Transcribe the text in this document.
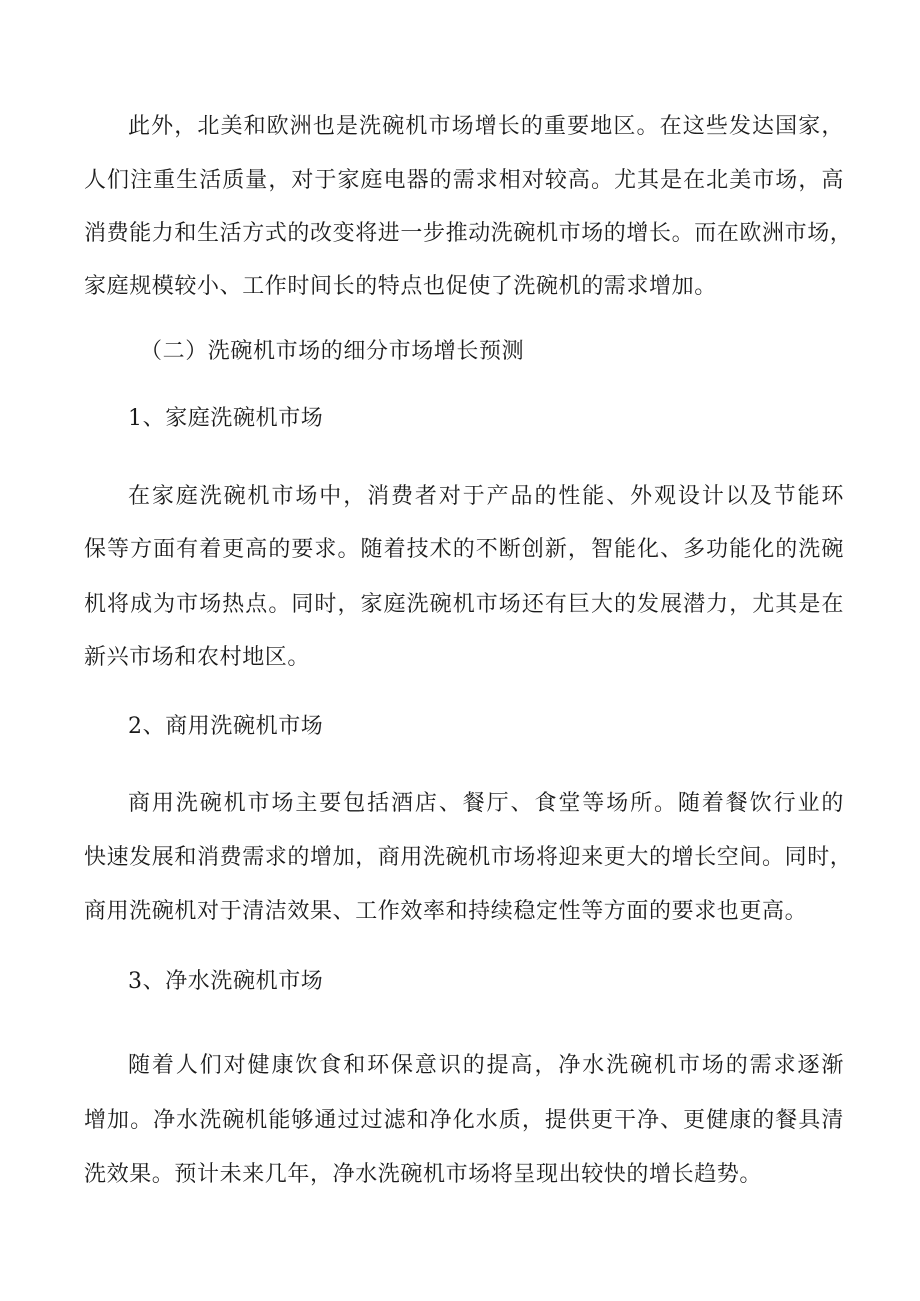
此外，北美和欧洲也是洗碗机市场增长的重要地区。在这些发达国家，
人们注重生活质量，对于家庭电器的需求相对较高。尤其是在北美市场，高
消费能力和生活方式的改变将进一步推动洗碗机市场的增长。而在欧洲市场，
家庭规模较小、工作时间长的特点也促使了洗碗机的需求增加。
（二）洗碗机市场的细分市场增长预测
1、家庭洗碗机市场
在家庭洗碗机市场中，消费者对于产品的性能、外观设计以及节能环
保等方面有着更高的要求。随着技术的不断创新，智能化、多功能化的洗碗
机将成为市场热点。同时，家庭洗碗机市场还有巨大的发展潜力，尤其是在
新兴市场和农村地区。
2、商用洗碗机市场
商用洗碗机市场主要包括酒店、餐厅、食堂等场所。随着餐饮行业的
快速发展和消费需求的增加，商用洗碗机市场将迎来更大的增长空间。同时，
商用洗碗机对于清洁效果、工作效率和持续稳定性等方面的要求也更高。
3、净水洗碗机市场
随着人们对健康饮食和环保意识的提高，净水洗碗机市场的需求逐渐
增加。净水洗碗机能够通过过滤和净化水质，提供更干净、更健康的餐具清
洗效果。预计未来几年，净水洗碗机市场将呈现出较快的增长趋势。
